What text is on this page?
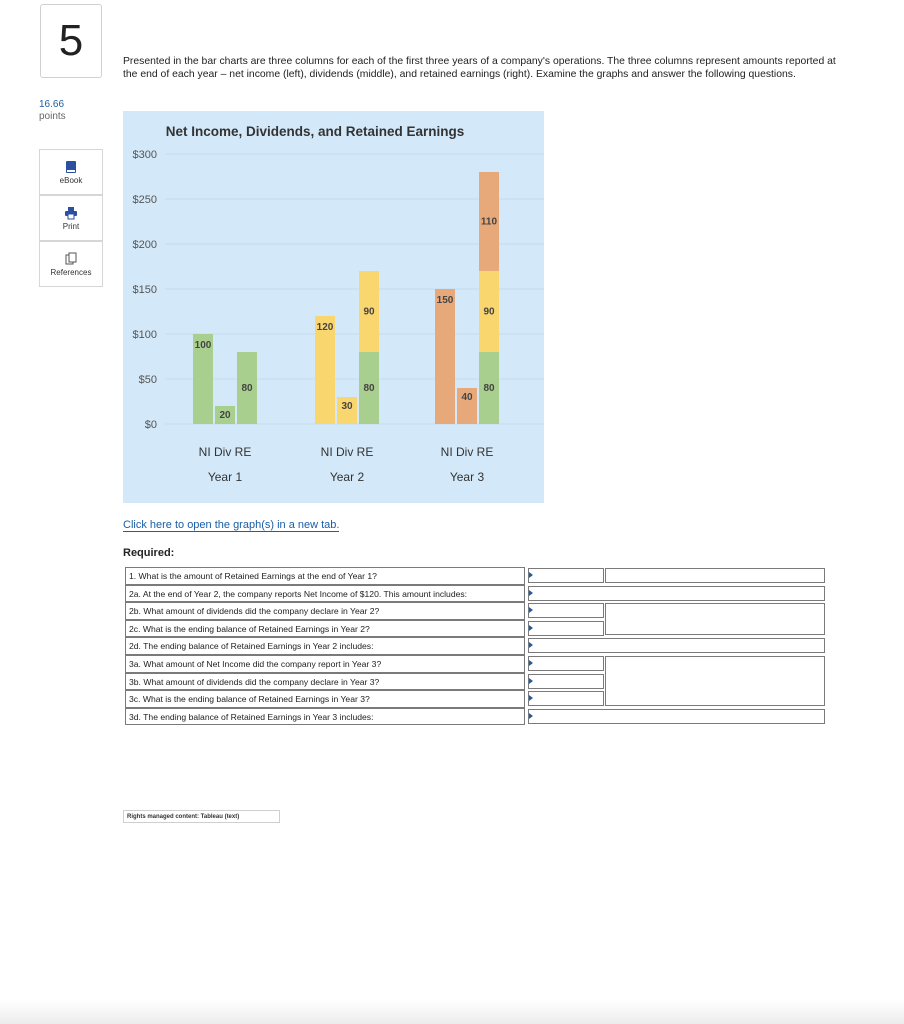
5
16.66
points
eBook
Print
References
Presented in the bar charts are three columns for each of the first three years of a company's operations. The three columns represent amounts reported at the end of each year – net income (left), dividends (middle), and retained earnings (right). Examine the graphs and answer the following questions.
Net Income, Dividends, and Retained Earnings
$300
$250
$200
$150
$100
$50
$0
100
20
80
120
30
80
90
150
40
80
90
110
NI Div RE
Year 1
NI Div RE
Year 2
NI Div RE
Year 3
Click here to open the graph(s) in a new tab.
Required:
1. What is the amount of Retained Earnings at the end of Year 1?
2a. At the end of Year 2, the company reports Net Income of $120. This amount includes:
2b. What amount of dividends did the company declare in Year 2?
2c. What is the ending balance of Retained Earnings in Year 2?
2d. The ending balance of Retained Earnings in Year 2 includes:
3a. What amount of Net Income did the company report in Year 3?
3b. What amount of dividends did the company declare in Year 3?
3c. What is the ending balance of Retained Earnings in Year 3?
3d. The ending balance of Retained Earnings in Year 3 includes:
Rights managed content: Tableau (text)
